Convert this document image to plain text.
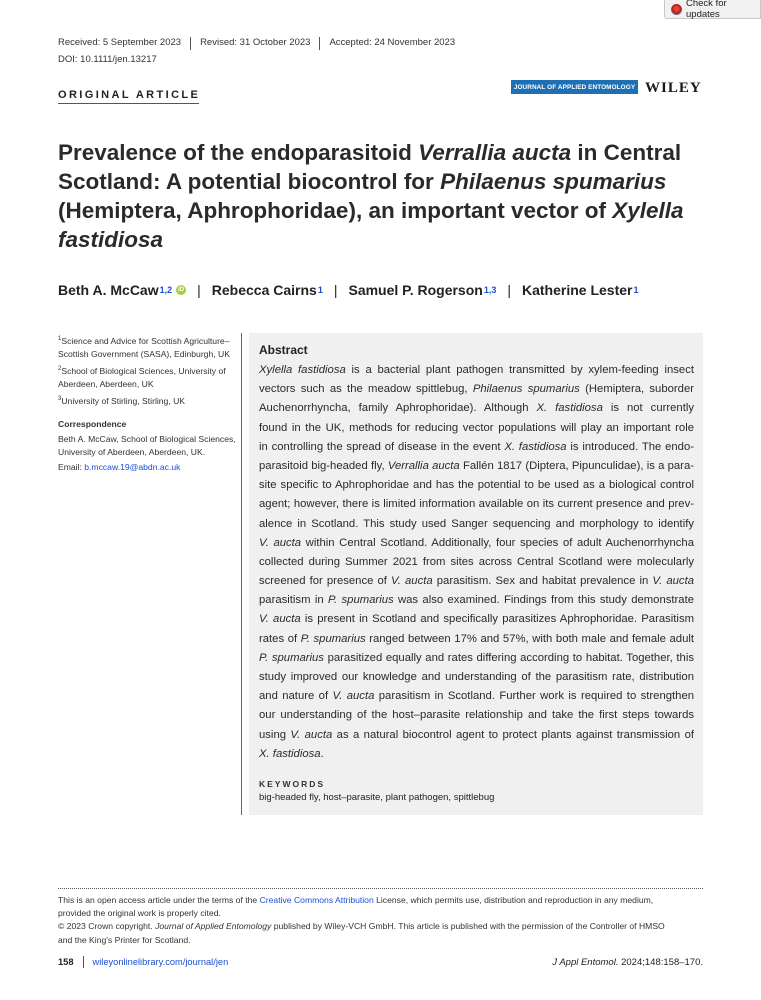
Check for updates
Received: 5 September 2023	Revised: 31 October 2023	Accepted: 24 November 2023
DOI: 10.1111/jen.13217
ORIGINAL ARTICLE
JOURNAL OF APPLIED ENTOMOLOGY WILEY
Prevalence of the endoparasitoid Verrallia aucta in Central Scotland: A potential biocontrol for Philaenus spumarius (Hemiptera, Aphrophoridae), an important vector of Xylella fastidiosa
Beth A. McCaw 1,2	iD | Rebecca Cairns 1 | Samuel P. Rogerson 1,3 | Katherine Lester 1

$^1$Science and Advice for Scottish Agriculture–Scottish Government (SASA), Edinburgh, UK

$^2$School of Biological Sciences, University of Aberdeen, Aberdeen, UK

$^3$University of Stirling, Stirling, UK

Correspondence

Beth A. McCaw, School of Biological Sciences, University of Aberdeen, Aberdeen, UK.

Email: b.mccaw.19@abdn.ac.uk

Abstract
Xylella fastidiosa is a bacterial plant pathogen transmitted by xylem-feeding insect
vectors such as the meadow spittlebug, Philaenus spumarius (Hemiptera, suborder
Auchenorrhyncha, family Aphrophoridae). Although X. fastidiosa is not currently
found in the UK, methods for reducing vector populations will play an important role
in controlling the spread of disease in the event X. fastidiosa is introduced. The endo-
parasitoid big-headed fly, Verrallia aucta Fallén 1817 (Diptera, Pipunculidae), is a para-
site specific to Aphrophoridae and has the potential to be used as a biological control
agent; however, there is limited information available on its current presence and prev-
alence in Scotland. This study used Sanger sequencing and morphology to identify
V. aucta within Central Scotland. Additionally, four species of adult Auchenorrhyncha
collected during Summer 2021 from sites across Central Scotland were molecularly
screened for presence of V. aucta parasitism. Sex and habitat prevalence in V. aucta
parasitism in P. spumarius was also examined. Findings from this study demonstrate
V. aucta is present in Scotland and specifically parasitizes Aphrophoridae. Parasitism
rates of P. spumarius ranged between 17% and 57%, with both male and female adult
P. spumarius parasitized equally and rates differing according to habitat. Together, this
study improved our knowledge and understanding of the parasitism rate, distribution
and nature of V. aucta parasitism in Scotland. Further work is required to strengthen
our understanding of the host–parasite relationship and take the first steps towards
using V. aucta as a natural biocontrol agent to protect plants against transmission of
X. fastidiosa.
KEYWORDS
big-headed fly, host–parasite, plant pathogen, spittlebug
This is an open access article under the terms of the Creative Commons Attribution License, which permits use, distribution and reproduction in any medium,
provided the original work is properly cited.
© 2023 Crown copyright. Journal of Applied Entomology published by Wiley-VCH GmbH. This article is published with the permission of the Controller of HMSO
and the King's Printer for Scotland.
158	wileyonlinelibrary.com/journal/jen	J Appl Entomol. 2024;148:158–170.
